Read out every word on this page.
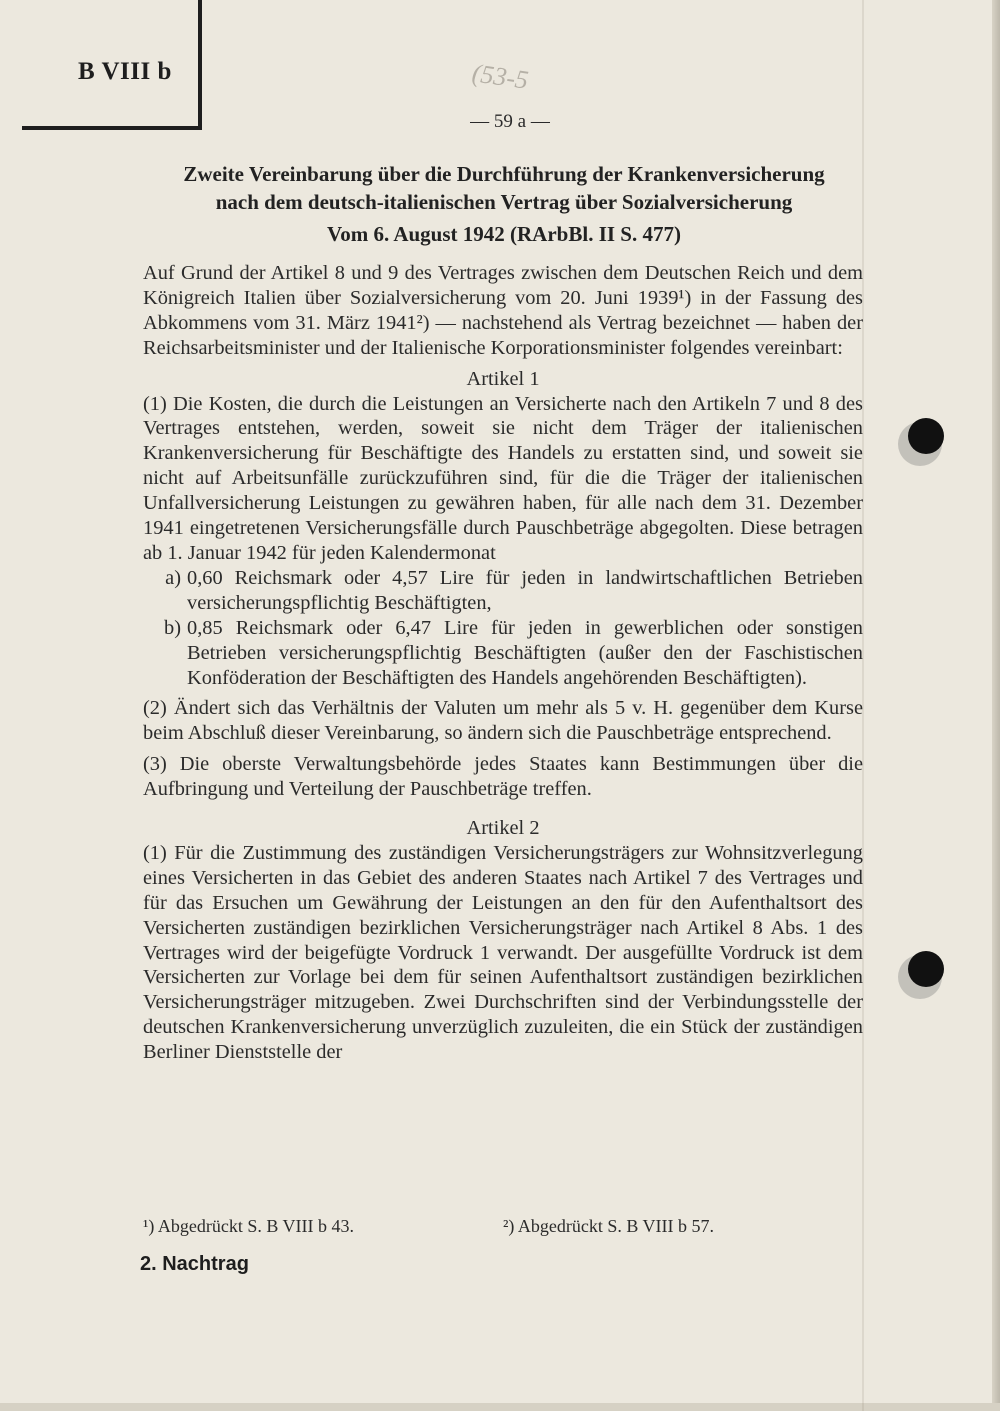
B VIII b	(53-5
— 59 a —
Zweite Vereinbarung über die Durchführung der Krankenversicherung
nach dem deutsch-italienischen Vertrag über Sozialversicherung
Vom 6. August 1942 (RArbBl. II S. 477)

Auf Grund der Artikel 8 und 9 des Vertrages zwischen dem Deutschen Reich und dem Königreich Italien über Sozialversicherung vom 20. Juni 1939¹) in der Fassung des Abkommens vom 31. März 1941²) — nachstehend als Vertrag bezeichnet — haben der Reichsarbeitsminister und der Italienische Korporationsminister folgendes vereinbart:

Artikel 1

(1) Die Kosten, die durch die Leistungen an Versicherte nach den Artikeln 7 und 8 des Vertrages entstehen, werden, soweit sie nicht dem Träger der italienischen Krankenversicherung für Beschäftigte des Handels zu erstatten sind, und soweit sie nicht auf Arbeitsunfälle zurückzuführen sind, für die die Träger der italienischen Unfallversicherung Leistungen zu gewähren haben, für alle nach dem 31. Dezember 1941 eingetretenen Versicherungsfälle durch Pauschbeträge abgegolten. Diese betragen ab 1. Januar 1942 für jeden Kalendermonat

a) 0,60 Reichsmark oder 4,57 Lire für jeden in landwirtschaftlichen Betrieben versicherungspflichtig Beschäftigten,
b) 0,85 Reichsmark oder 6,47 Lire für jeden in gewerblichen oder sonstigen Betrieben versicherungspflichtig Beschäftigten (außer den der Faschistischen Konföderation der Beschäftigten des Handels angehörenden Beschäftigten).

(2) Ändert sich das Verhältnis der Valuten um mehr als 5 v. H. gegenüber dem Kurse beim Abschluß dieser Vereinbarung, so ändern sich die Pauschbeträge entsprechend.

(3) Die oberste Verwaltungsbehörde jedes Staates kann Bestimmungen über die Aufbringung und Verteilung der Pauschbeträge treffen.

Artikel 2

(1) Für die Zustimmung des zuständigen Versicherungsträgers zur Wohnsitzverlegung eines Versicherten in das Gebiet des anderen Staates nach Artikel 7 des Vertrages und für das Ersuchen um Gewährung der Leistungen an den für den Aufenthaltsort des Versicherten zuständigen bezirklichen Versicherungsträger nach Artikel 8 Abs. 1 des Vertrages wird der beigefügte Vordruck 1 verwandt. Der ausgefüllte Vordruck ist dem Versicherten zur Vorlage bei dem für seinen Aufenthaltsort zuständigen bezirklichen Versicherungsträger mitzugeben. Zwei Durchschriften sind der Verbindungsstelle der deutschen Krankenversicherung unverzüglich zuzuleiten, die ein Stück der zuständigen Berliner Dienststelle der

¹) Abgedrückt S. B VIII b 43.	²) Abgedrückt S. B VIII b 57.
2. Nachtrag
